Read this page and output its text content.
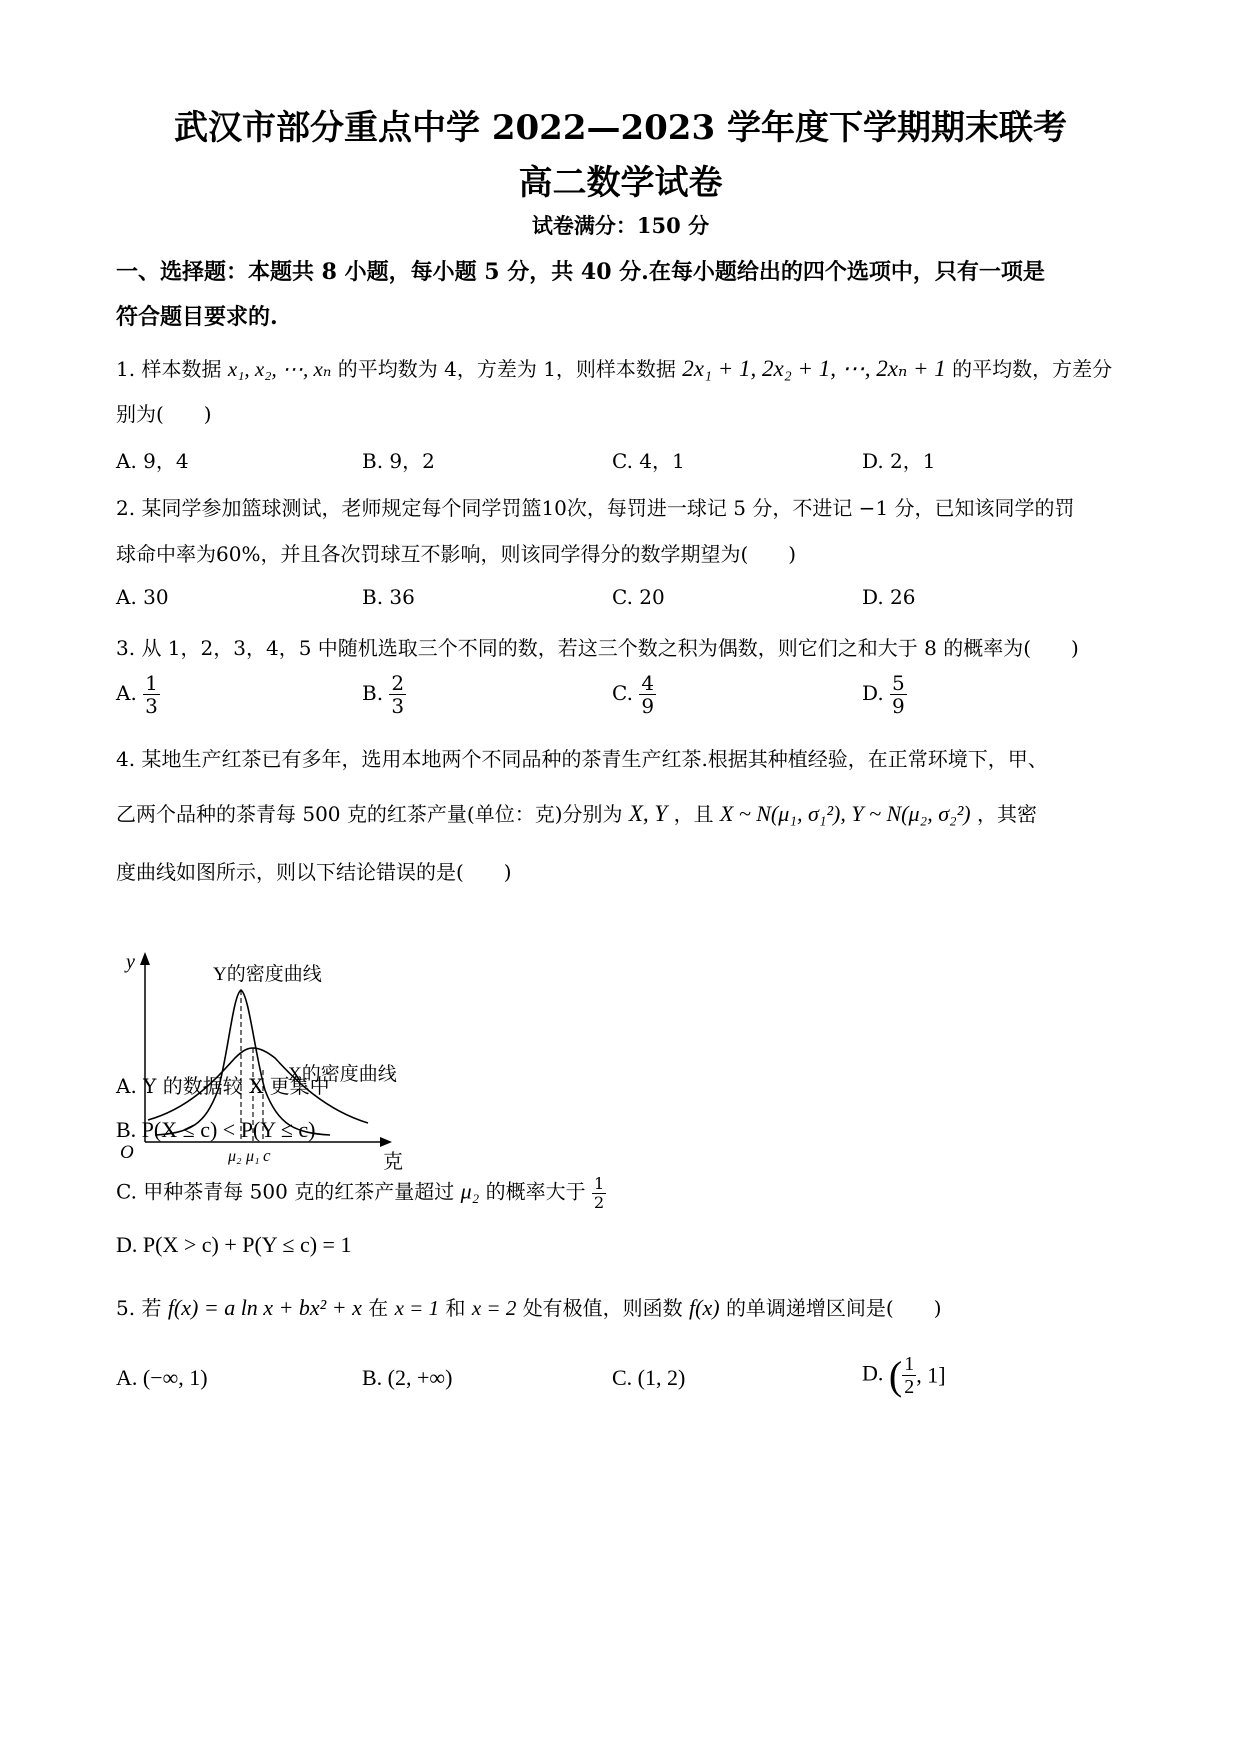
武汉市部分重点中学 2022—2023 学年度下学期期末联考
高二数学试卷
试卷满分：150 分
一、选择题：本题共 8 小题，每小题 5 分，共 40 分.在每小题给出的四个选项中，只有一项是
符合题目要求的.
1. 样本数据 x₁, x₂, ⋯, xₙ 的平均数为 4，方差为 1，则样本数据 2x₁ + 1, 2x₂ + 1, ⋯, 2xₙ + 1 的平均数，方差分
别为(　　)
A. 9，4	B. 9，2	C. 4，1	D. 2，1
2. 某同学参加篮球测试，老师规定每个同学罚篮10次，每罚进一球记 5 分，不进记 −1 分，已知该同学的罚
球命中率为60%，并且各次罚球互不影响，则该同学得分的数学期望为(　　)
A. 30	B. 36	C. 20	D. 26
3. 从 1，2，3，4，5 中随机选取三个不同的数，若这三个数之积为偶数，则它们之和大于 8 的概率为(　　)
A. $\frac{1}{3}$	B. $\frac{2}{3}$	C. $\frac{4}{9}$	D. $\frac{5}{9}$
4. 某地生产红茶已有多年，选用本地两个不同品种的茶青生产红茶.根据其种植经验，在正常环境下，甲、
乙两个品种的茶青每 500 克的红茶产量(单位：克)分别为 X, Y ，且 X ~ N(μ₁, σ₁²), Y ~ N(μ₂, σ₂²) ，其密
度曲线如图所示，则以下结论错误的是(　　)
y
O	克
Y的密度曲线
X的密度曲线
μ₂ μ₁ c
A. Y 的数据较 X 更集中
B. P(X ≤ c) < P(Y ≤ c)
C. 甲种茶青每 500 克的红茶产量超过 μ₂ 的概率大于 $\frac{1}{2}$
D. P(X > c) + P(Y ≤ c) = 1
5. 若 f(x) = a ln x + bx² + x 在 x = 1 和 x = 2 处有极值，则函数 f(x) 的单调递增区间是(　　)
A. (−∞, 1)	B. (2, +∞)	C. (1, 2)	D. ( $\frac{1}{2}$ , 1]
